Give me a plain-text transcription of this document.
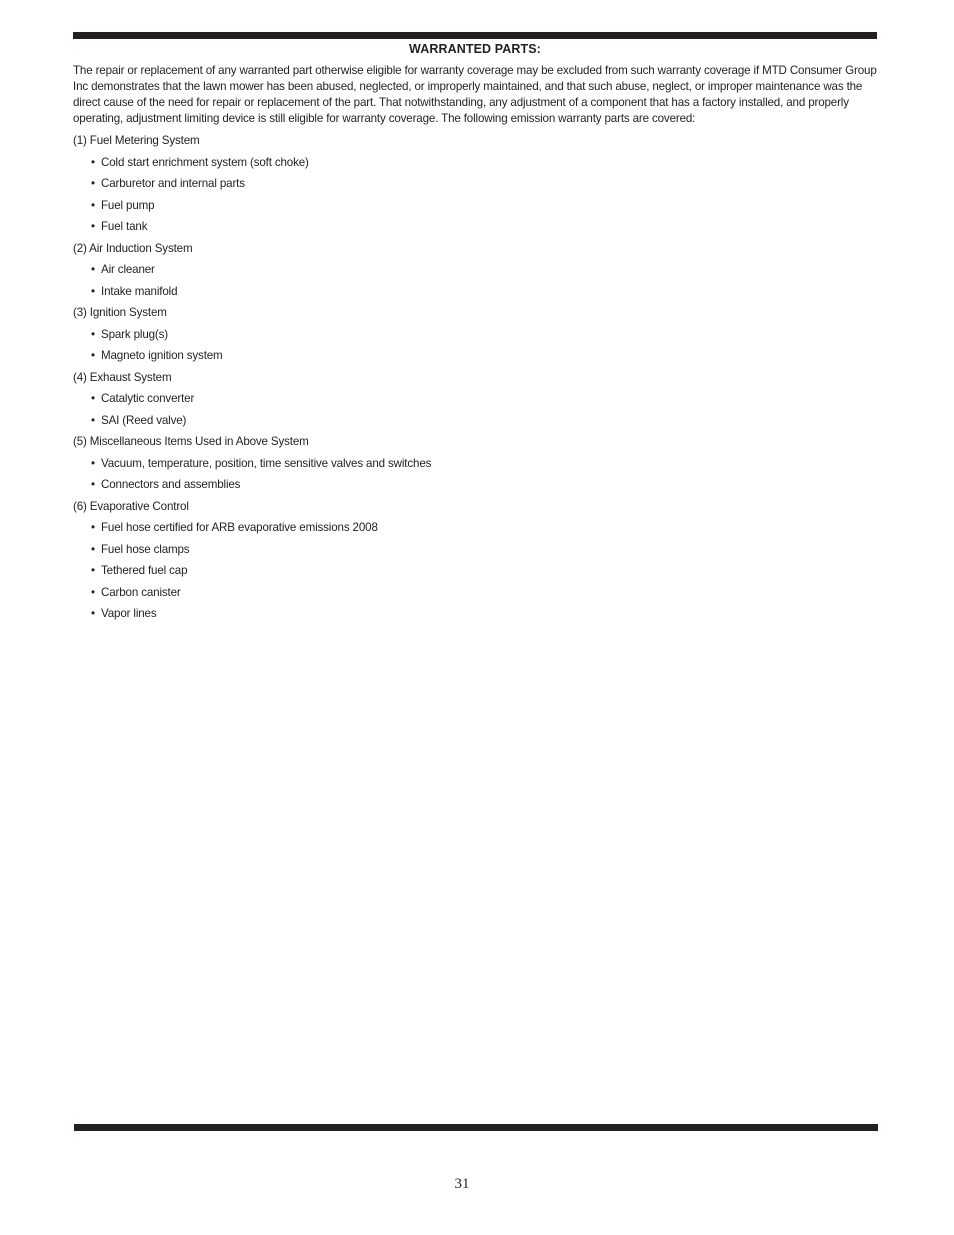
WARRANTED PARTS:

The repair or replacement of any warranted part otherwise eligible for warranty coverage may be excluded from such warranty coverage if MTD Consumer Group Inc demonstrates that the lawn mower has been abused, neglected, or improperly maintained, and that such abuse, neglect, or improper maintenance was the direct cause of the need for repair or replacement of the part. That notwithstanding, any adjustment of a component that has a factory installed, and properly operating, adjustment limiting device is still eligible for warranty coverage. The following emission warranty parts are covered:

(1) Fuel Metering System
• Cold start enrichment system (soft choke)
• Carburetor and internal parts
• Fuel pump
• Fuel tank
(2) Air Induction System
• Air cleaner
• Intake manifold
(3) Ignition System
• Spark plug(s)
• Magneto ignition system
(4) Exhaust System
• Catalytic converter
• SAI (Reed valve)
(5) Miscellaneous Items Used in Above System
• Vacuum, temperature, position, time sensitive valves and switches
• Connectors and assemblies
(6) Evaporative Control
• Fuel hose certified for ARB evaporative emissions 2008
• Fuel hose clamps
• Tethered fuel cap
• Carbon canister
• Vapor lines
31
